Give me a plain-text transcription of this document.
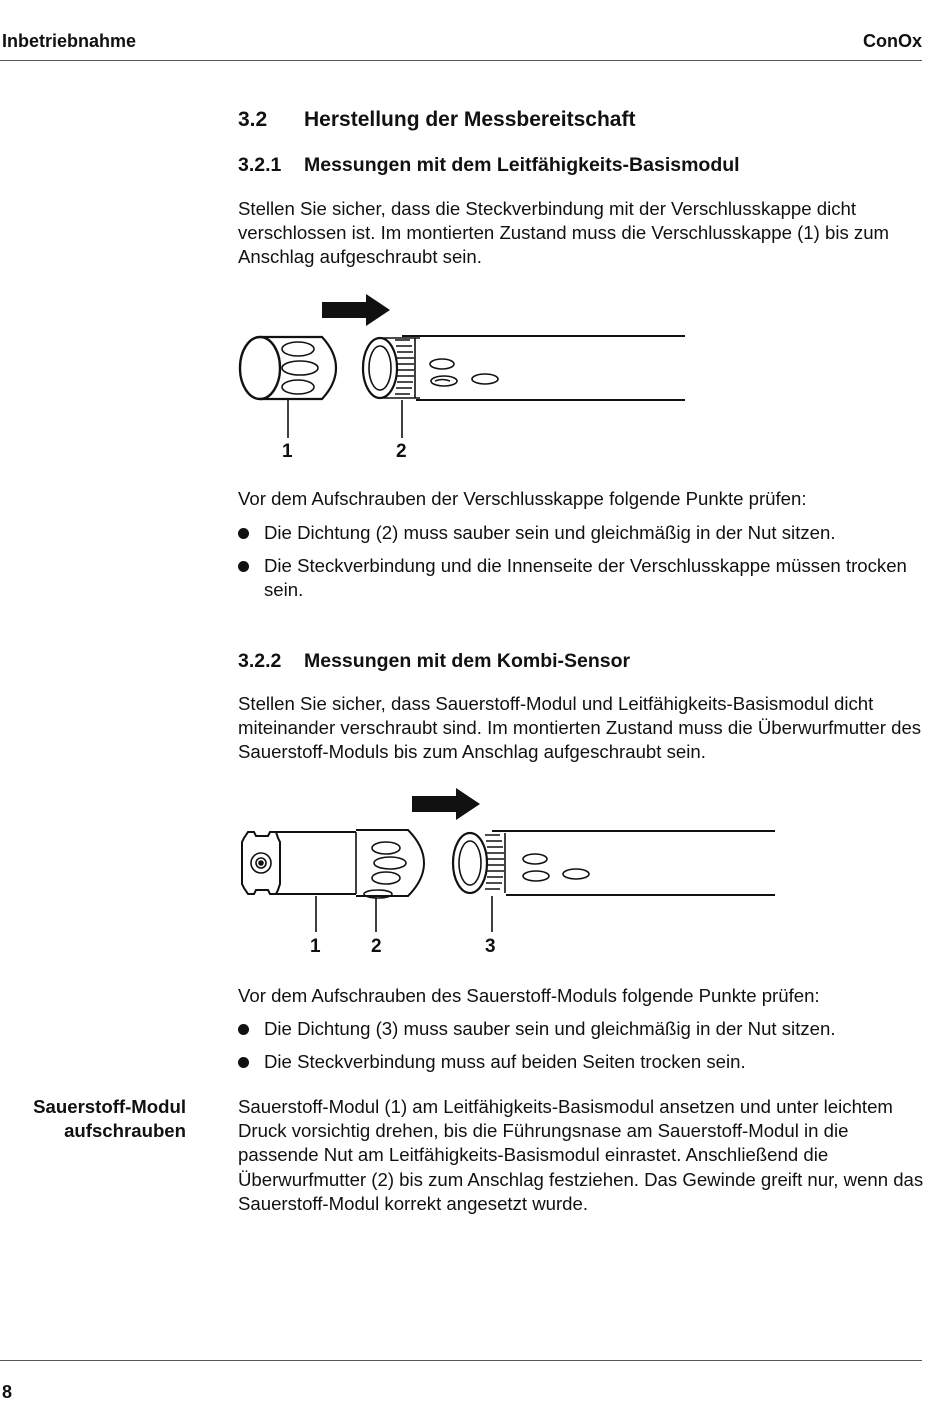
Inbetriebnahme	ConOx
3.2 Herstellung der Messbereitschaft
3.2.1 Messungen mit dem Leitfähigkeits-Basismodul

Stellen Sie sicher, dass die Steckverbindung mit der Verschlusskappe dicht verschlossen ist. Im montierten Zustand muss die Verschlusskappe (1) bis zum Anschlag aufgeschraubt sein.

1	2

Vor dem Aufschrauben der Verschlusskappe folgende Punkte prüfen:

Die Dichtung (2) muss sauber sein und gleichmäßig in der Nut sitzen.
Die Steckverbindung und die Innenseite der Verschlusskappe müssen trocken sein.
3.2.2 Messungen mit dem Kombi-Sensor

Stellen Sie sicher, dass Sauerstoff-Modul und Leitfähigkeits-Basismodul dicht miteinander verschraubt sind. Im montierten Zustand muss die Überwurfmutter des Sauerstoff-Moduls bis zum Anschlag aufgeschraubt sein.

1	2	3

Vor dem Aufschrauben des Sauerstoff-Moduls folgende Punkte prüfen:

Die Dichtung (3) muss sauber sein und gleichmäßig in der Nut sitzen.
Die Steckverbindung muss auf beiden Seiten trocken sein.
Sauerstoff-Modul
aufschrauben

Sauerstoff-Modul (1) am Leitfähigkeits-Basismodul ansetzen und unter leichtem Druck vorsichtig drehen, bis die Führungsnase am Sauerstoff-Modul in die passende Nut am Leitfähigkeits-Basismodul einrastet. Anschließend die Überwurfmutter (2) bis zum Anschlag festziehen. Das Gewinde greift nur, wenn das Sauerstoff-Modul korrekt angesetzt wurde.

8
